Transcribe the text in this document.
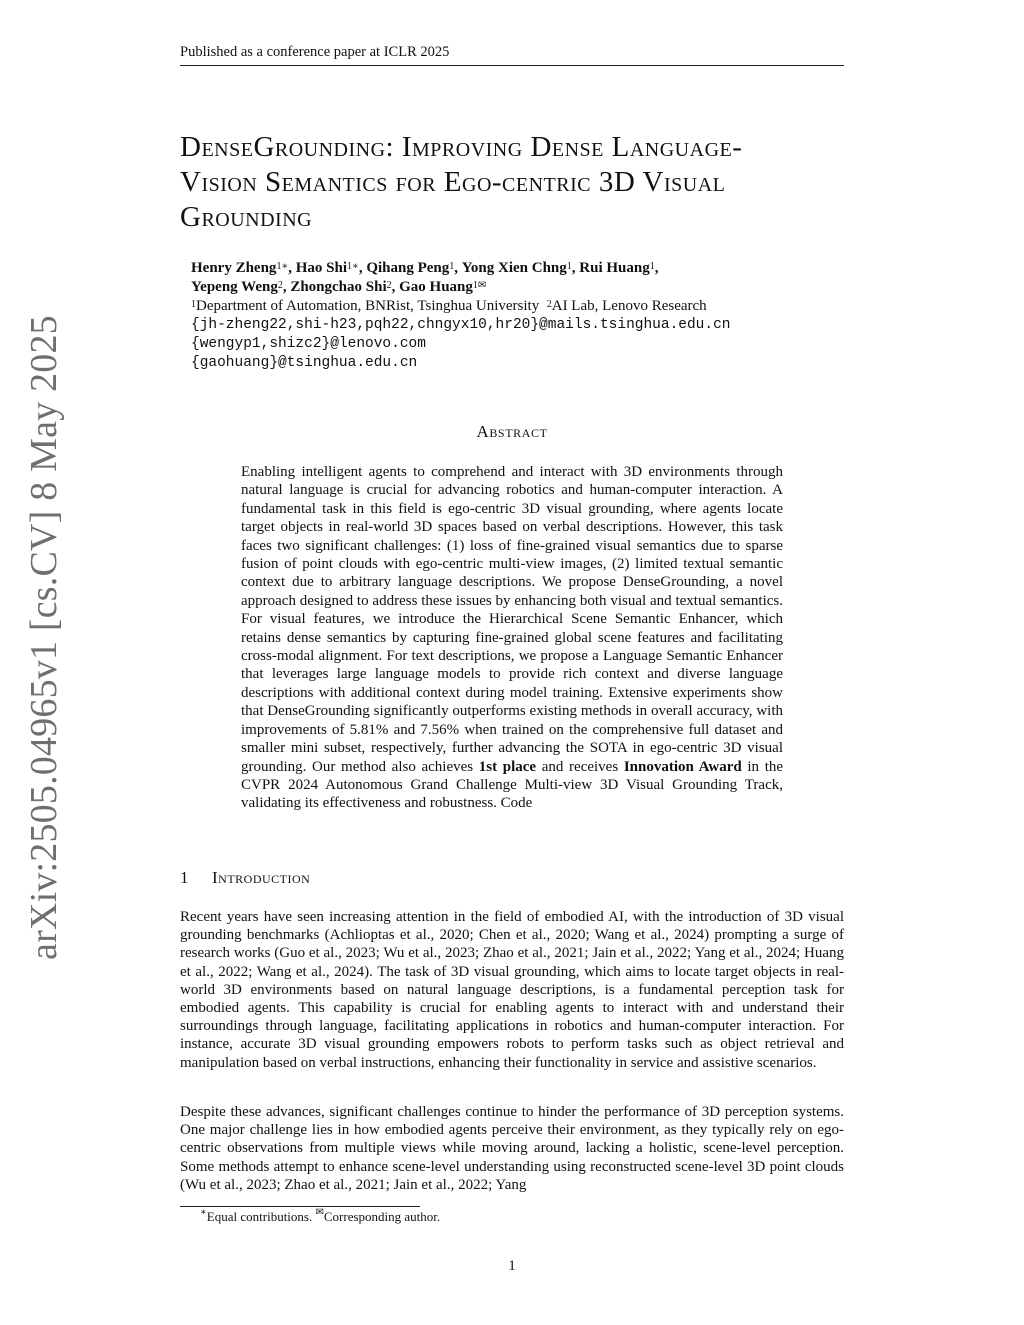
Published as a conference paper at ICLR 2025
arXiv:2505.04965v1 [cs.CV] 8 May 2025
DenseGrounding: Improving Dense Language-
Vision Semantics for Ego-centric 3D Visual
Grounding
Henry Zheng$^{1∗}$, Hao Shi$^{1∗}$, Qihang Peng$^1$, Yong Xien Chng$^1$, Rui Huang$^1$,
Yepeng Weng$^2$, Zhongchao Shi$^2$, Gao Huang$^{1✉}$
$^1$Department of Automation, BNRist, Tsinghua University $^2$AI Lab, Lenovo Research
{jh-zheng22,shi-h23,pqh22,chngyx10,hr20}@mails.tsinghua.edu.cn
{wengyp1,shizc2}@lenovo.com
{gaohuang}@tsinghua.edu.cn
Abstract
Enabling intelligent agents to comprehend and interact with 3D environments through natural language is crucial for advancing robotics and human-computer interaction. A fundamental task in this field is ego-centric 3D visual grounding, where agents locate target objects in real-world 3D spaces based on verbal descriptions. However, this task faces two significant challenges: (1) loss of fine-grained visual semantics due to sparse fusion of point clouds with ego-centric multi-view images, (2) limited textual semantic context due to arbitrary language descriptions. We propose DenseGrounding, a novel approach designed to address these issues by enhancing both visual and textual semantics. For visual features, we introduce the Hierarchical Scene Semantic Enhancer, which retains dense semantics by capturing fine-grained global scene features and facilitating cross-modal alignment. For text descriptions, we propose a Language Semantic Enhancer that leverages large language models to provide rich context and diverse language descriptions with additional context during model training. Extensive experiments show that DenseGrounding significantly outperforms existing methods in overall accuracy, with improvements of 5.81% and 7.56% when trained on the comprehensive full dataset and smaller mini subset, respectively, further advancing the SOTA in ego-centric 3D visual grounding. Our method also achieves 1st place and receives Innovation Award in the CVPR 2024 Autonomous Grand Challenge Multi-view 3D Visual Grounding Track, validating its effectiveness and robustness. Code
1 Introduction
Recent years have seen increasing attention in the field of embodied AI, with the introduction of 3D visual grounding benchmarks (Achlioptas et al., 2020; Chen et al., 2020; Wang et al., 2024) prompting a surge of research works (Guo et al., 2023; Wu et al., 2023; Zhao et al., 2021; Jain et al., 2022; Yang et al., 2024; Huang et al., 2022; Wang et al., 2024). The task of 3D visual grounding, which aims to locate target objects in real-world 3D environments based on natural language descriptions, is a fundamental perception task for embodied agents. This capability is crucial for enabling agents to interact with and understand their surroundings through language, facilitating applications in robotics and human-computer interaction. For instance, accurate 3D visual grounding empowers robots to perform tasks such as object retrieval and manipulation based on verbal instructions, enhancing their functionality in service and assistive scenarios.
Despite these advances, significant challenges continue to hinder the performance of 3D perception systems. One major challenge lies in how embodied agents perceive their environment, as they typically rely on ego-centric observations from multiple views while moving around, lacking a holistic, scene-level perception. Some methods attempt to enhance scene-level understanding using reconstructed scene-level 3D point clouds (Wu et al., 2023; Zhao et al., 2021; Jain et al., 2022; Yang
∗Equal contributions. ✉Corresponding author.
1
